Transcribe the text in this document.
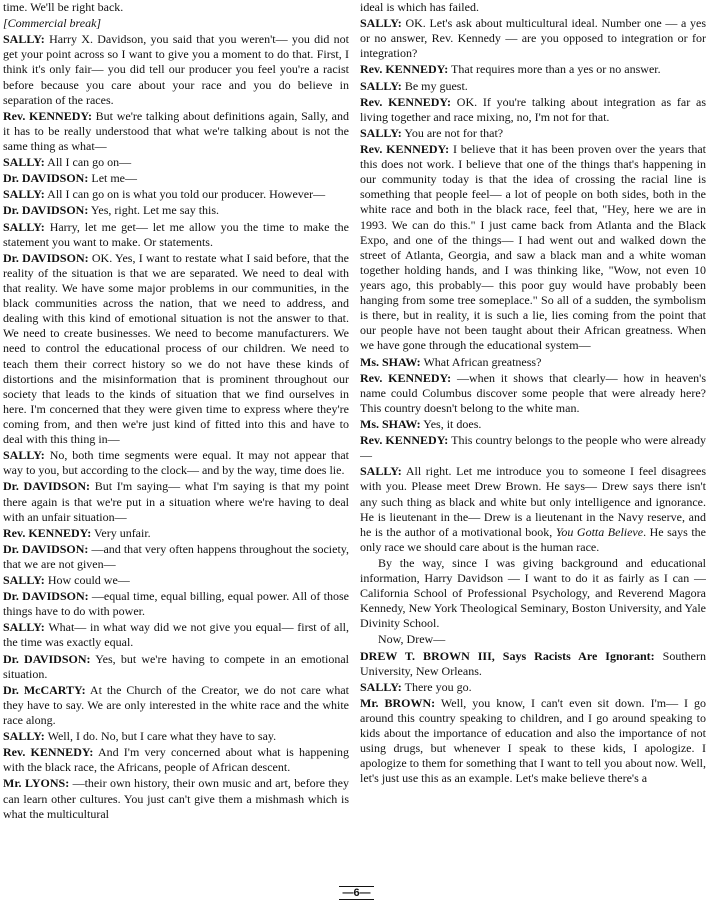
time. We'll be right back.

[Commercial break]

SALLY: Harry X. Davidson, you said that you weren't— you did not get your point across so I want to give you a moment to do that. First, I think it's only fair— you did tell our producer you feel you're a racist before because you care about your race and you do believe in separation of the races.

Rev. KENNEDY: But we're talking about definitions again, Sally, and it has to be really understood that what we're talking about is not the same thing as what—

SALLY: All I can go on—

Dr. DAVIDSON: Let me—

SALLY: All I can go on is what you told our producer. However—

Dr. DAVIDSON: Yes, right. Let me say this.

SALLY: Harry, let me get— let me allow you the time to make the statement you want to make. Or statements.

Dr. DAVIDSON: OK. Yes, I want to restate what I said before, that the reality of the situation is that we are separated. We need to deal with that reality. We have some major problems in our communities, in the black communities across the nation, that we need to address, and dealing with this kind of emotional situation is not the answer to that. We need to create businesses. We need to become manufacturers. We need to control the educational process of our children. We need to teach them their correct history so we do not have these kinds of distortions and the misinformation that is prominent throughout our society that leads to the kinds of situation that we find ourselves in here. I'm concerned that they were given time to express where they're coming from, and then we're just kind of fitted into this and have to deal with this thing in—

SALLY: No, both time segments were equal. It may not appear that way to you, but according to the clock— and by the way, time does lie.

Dr. DAVIDSON: But I'm saying— what I'm saying is that my point there again is that we're put in a situation where we're having to deal with an unfair situation—

Rev. KENNEDY: Very unfair.

Dr. DAVIDSON: —and that very often happens throughout the society, that we are not given—

SALLY: How could we—

Dr. DAVIDSON: —equal time, equal billing, equal power. All of those things have to do with power.

SALLY: What— in what way did we not give you equal— first of all, the time was exactly equal.

Dr. DAVIDSON: Yes, but we're having to compete in an emotional situation.

Dr. McCARTY: At the Church of the Creator, we do not care what they have to say. We are only interested in the white race and the white race along.

SALLY: Well, I do. No, but I care what they have to say.

Rev. KENNEDY: And I'm very concerned about what is happening with the black race, the Africans, people of African descent.

Mr. LYONS: —their own history, their own music and art, before they can learn other cultures. You just can't give them a mishmash which is what the multicultural

ideal is which has failed.

SALLY: OK. Let's ask about multicultural ideal. Number one — a yes or no answer, Rev. Kennedy — are you opposed to integration or for integration?

Rev. KENNEDY: That requires more than a yes or no answer.

SALLY: Be my guest.

Rev. KENNEDY: OK. If you're talking about integration as far as living together and race mixing, no, I'm not for that.

SALLY: You are not for that?

Rev. KENNEDY: I believe that it has been proven over the years that this does not work. I believe that one of the things that's happening in our community today is that the idea of crossing the racial line is something that people feel— a lot of people on both sides, both in the white race and both in the black race, feel that, "Hey, here we are in 1993. We can do this." I just came back from Atlanta and the Black Expo, and one of the things— I had went out and walked down the street of Atlanta, Georgia, and saw a black man and a white woman together holding hands, and I was thinking like, "Wow, not even 10 years ago, this probably— this poor guy would have probably been hanging from some tree someplace." So all of a sudden, the symbolism is there, but in reality, it is such a lie, lies coming from the point that our people have not been taught about their African greatness. When we have gone through the educational system—

Ms. SHAW: What African greatness?

Rev. KENNEDY: —when it shows that clearly— how in heaven's name could Columbus discover some people that were already here? This country doesn't belong to the white man.

Ms. SHAW: Yes, it does.

Rev. KENNEDY: This country belongs to the people who were already—

SALLY: All right. Let me introduce you to someone I feel disagrees with you. Please meet Drew Brown. He says— Drew says there isn't any such thing as black and white but only intelligence and ignorance. He is lieutenant in the— Drew is a lieutenant in the Navy reserve, and he is the author of a motivational book, You Gotta Believe. He says the only race we should care about is the human race.

By the way, since I was giving background and educational information, Harry Davidson — I want to do it as fairly as I can — California School of Professional Psychology, and Reverend Magora Kennedy, New York Theological Seminary, Boston University, and Yale Divinity School.

Now, Drew—

DREW T. BROWN III, Says Racists Are Ignorant: Southern University, New Orleans.

SALLY: There you go.

Mr. BROWN: Well, you know, I can't even sit down. I'm— I go around this country speaking to children, and I go around speaking to kids about the importance of education and also the importance of not using drugs, but whenever I speak to these kids, I apologize. I apologize to them for something that I want to tell you about now. Well, let's just use this as an example. Let's make believe there's a

—6—
